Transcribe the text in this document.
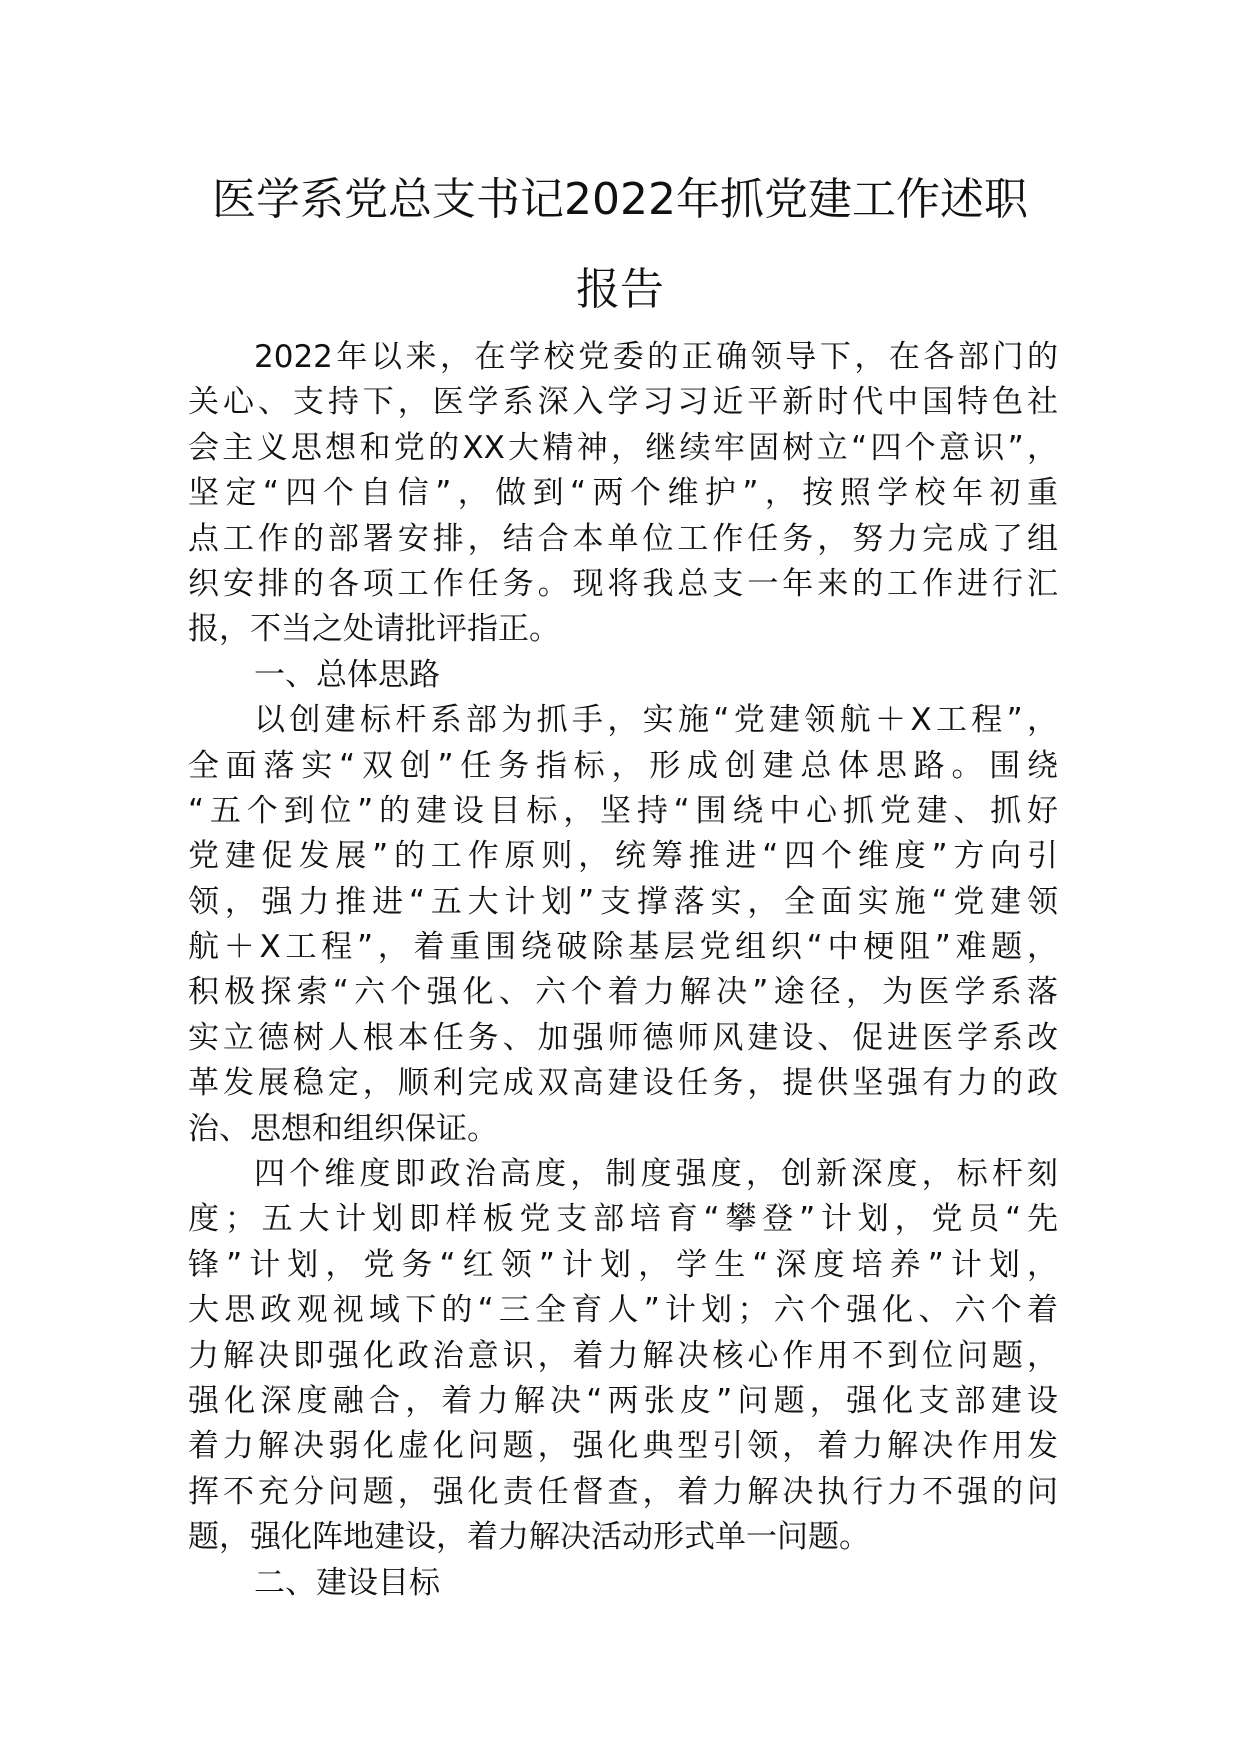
医学系党总支书记2022年抓党建工作述职
报告
2022年以来，在学校党委的正确领导下，在各部门的
关心、支持下，医学系深入学习习近平新时代中国特色社
会主义思想和党的XX大精神，继续牢固树立“四个意识”，
坚定“四个自信”，做到“两个维护”，按照学校年初重
点工作的部署安排，结合本单位工作任务，努力完成了组
织安排的各项工作任务。现将我总支一年来的工作进行汇
报，不当之处请批评指正。
一、总体思路
以创建标杆系部为抓手，实施“党建领航＋X工程”，
全面落实“双创”任务指标，形成创建总体思路。围绕
“五个到位”的建设目标，坚持“围绕中心抓党建、抓好
党建促发展”的工作原则，统筹推进“四个维度”方向引
领，强力推进“五大计划”支撑落实，全面实施“党建领
航＋X工程”，着重围绕破除基层党组织“中梗阻”难题，
积极探索“六个强化、六个着力解决”途径，为医学系落
实立德树人根本任务、加强师德师风建设、促进医学系改
革发展稳定，顺利完成双高建设任务，提供坚强有力的政
治、思想和组织保证。
四个维度即政治高度，制度强度，创新深度，标杆刻
度；五大计划即样板党支部培育“攀登”计划，党员“先
锋”计划，党务“红领”计划，学生“深度培养”计划，
大思政观视域下的“三全育人”计划；六个强化、六个着
力解决即强化政治意识，着力解决核心作用不到位问题，
强化深度融合，着力解决“两张皮”问题，强化支部建设
着力解决弱化虚化问题，强化典型引领，着力解决作用发
挥不充分问题，强化责任督查，着力解决执行力不强的问
题，强化阵地建设，着力解决活动形式单一问题。
二、建设目标
